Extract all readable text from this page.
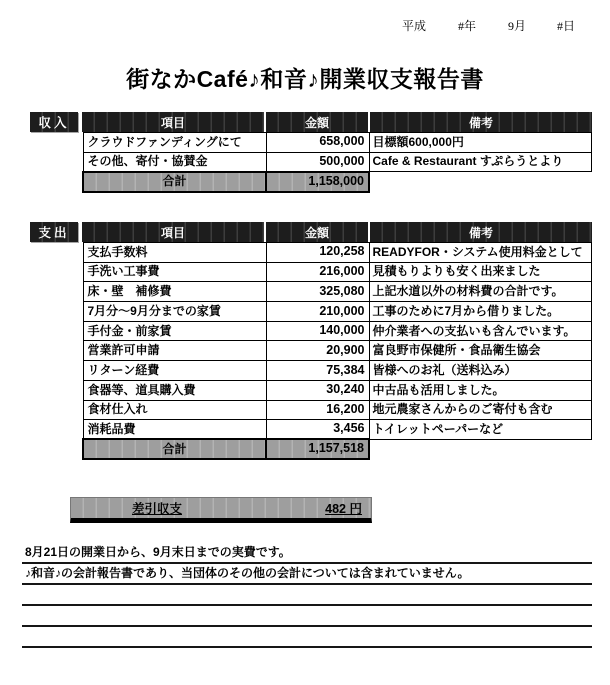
平成	#年	9月	#日
街なかCafé♪和音♪開業収支報告書
収入	項目	金額	備考
クラウドファンディングにて	658,000	目標額600,000円
その他、寄付・協賛金	500,000	Cafe & Restaurant すぷらうとより
合計	1,158,000	
支出	項目	金額	備考
支払手数料	120,258	READYFOR・システム使用料金として
手洗い工事費	216,000	見積もりよりも安く出来ました
床・壁　補修費	325,080	上記水道以外の材料費の合計です。
7月分～9月分までの家賃	210,000	工事のために7月から借りました。
手付金・前家賃	140,000	仲介業者への支払いも含んでいます。
営業許可申請	20,900	富良野市保健所・食品衛生協会
リターン経費	75,384	皆様へのお礼（送料込み）
食器等、道具購入費	30,240	中古品も活用しました。
食材仕入れ	16,200	地元農家さんからのご寄付も含む
消耗品費	3,456	トイレットペーパーなど
合計	1,157,518	
差引収支	482 円
8月21日の開業日から、9月末日までの実費です。
♪和音♪の会計報告書であり、当団体のその他の会計については含まれていません。
